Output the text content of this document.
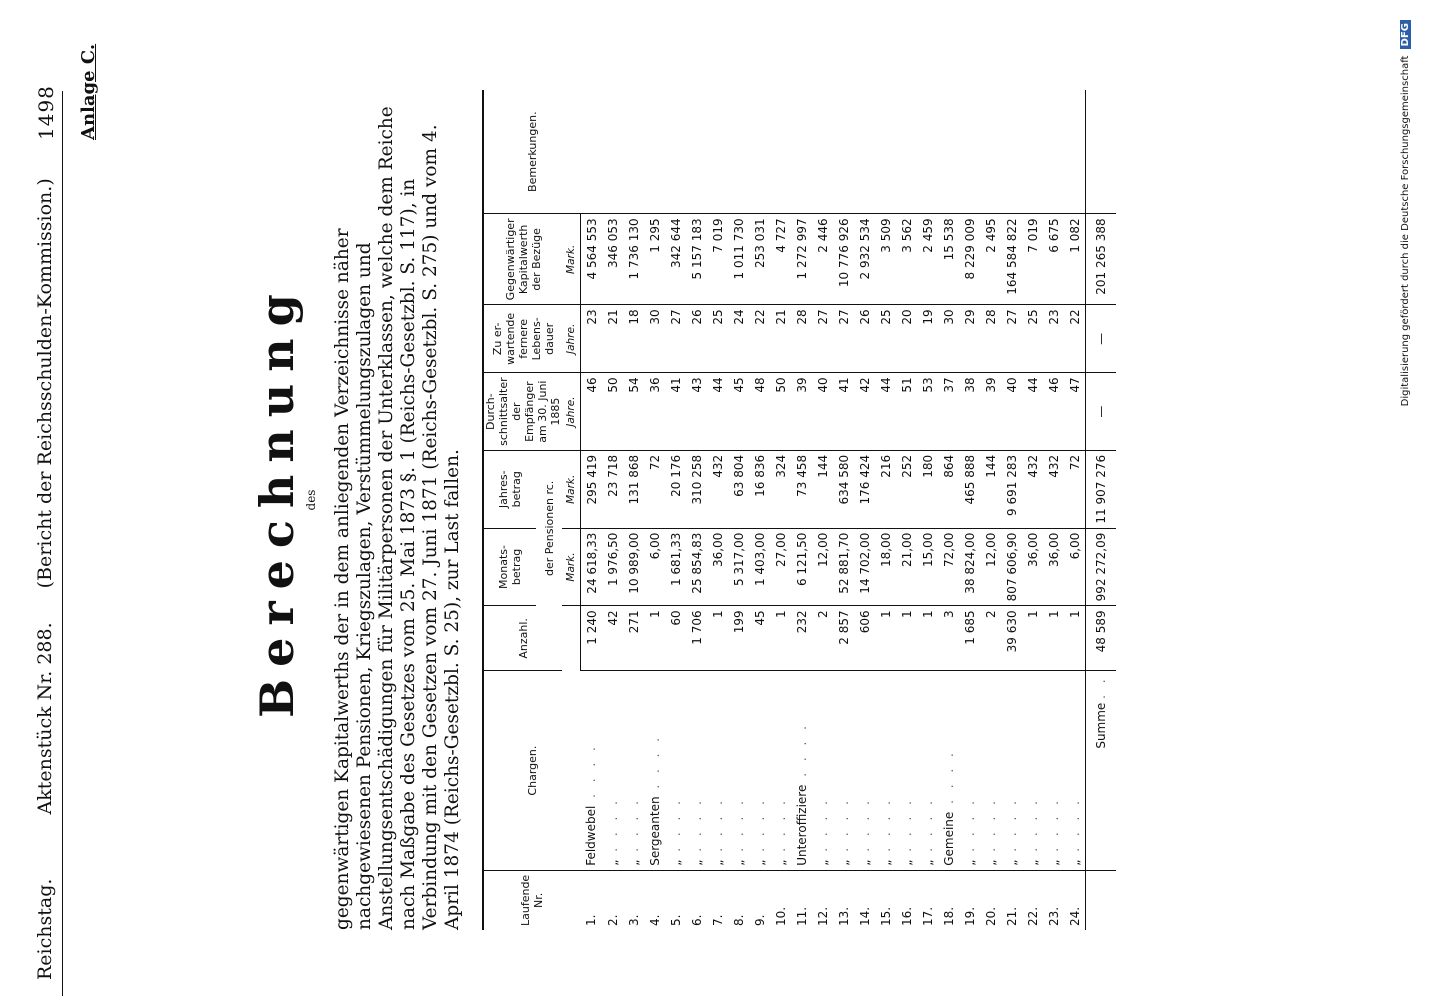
Reichstag. Aktenstück Nr. 288. (Bericht der Reichsschulden-Kommission.)
1498 Anlage C.
Berechnung des gegenwärtigen Kapitalwerths der in dem anliegenden Verzeichnisse näher nachgewiesenen Pensionen, Kriegszulagen, Verstümmelungszulagen und Anstellungsentschädigungen für Militärpersonen der Unterklassen, welche dem Reiche nach Maßgabe des Gesetzes vom 25. Mai 1873 §. 1 (Reichs-Gesetzbl. S. 117), in Verbindung mit den Gesetzen vom 27. Juni 1871 (Reichs-Gesetzbl. S. 275) und vom 4. April 1874 (Reichs-Gesetzbl. S. 25), zur Last fallen.	Laufende Nr.	Chargen.	Anzahl.	Monats-betrag	Jahres-betrag	Durch-schnittsalter der Empfänger am 30. Juni 1885	Zu er-wartende fernere Lebens-dauer	Gegenwärtiger Kapitalwerth der Bezüge	Bemerkungen.
			der Pensionen rc.					
			Mark.	Mark.	Jahre.	Jahre.	Mark.	
1.	Feldwebel . . . .	1 240	24 618,33	295 419	46	23	4 564 553	
2.	„ . . . .	42	1 976,50	23 718	50	21	346 053	
3.	„ . . . .	271	10 989,00	131 868	54	18	1 736 130	
4.	Sergeanten . . . .	1	6,00	72	36	30	1 295	
5.	„ . . . .	60	1 681,33	20 176	41	27	342 644	
6.	„ . . . .	1 706	25 854,83	310 258	43	26	5 157 183	
7.	„ . . . .	1	36,00	432	44	25	7 019	
8.	„ . . . .	199	5 317,00	63 804	45	24	1 011 730	
9.	„ . . . .	45	1 403,00	16 836	48	22	253 031	
10.	„ . . . .	1	27,00	324	50	21	4 727	
11.	Unteroffiziere . . . .	232	6 121,50	73 458	39	28	1 272 997	
12.	„ . . . .	2	12,00	144	40	27	2 446	
13.	„ . . . .	2 857	52 881,70	634 580	41	27	10 776 926	
14.	„ . . . .	606	14 702,00	176 424	42	26	2 932 534	
15.	„ . . . .	1	18,00	216	44	25	3 509	
16.	„ . . . .	1	21,00	252	51	20	3 562	
17.	„ . . . .	1	15,00	180	53	19	2 459	
18.	Gemeine . . . .	3	72,00	864	37	30	15 538	
19.	„ . . . .	1 685	38 824,00	465 888	38	29	8 229 009	
20.	„ . . . .	2	12,00	144	39	28	2 495	
21.	„ . . . .	39 630	807 606,90	9 691 283	40	27	164 584 822	
22.	„ . . . .	1	36,00	432	44	25	7 019	
23.	„ . . . .	1	36,00	432	46	23	6 675	
24.	„ . . . .	1	6,00	72	47	22	1 082	
	Summe . .	48 589	992 272,09	11 907 276	—	—	201 265 388		Digitalisierung gefördert durch die Deutsche Forschungsgemeinschaft DFG
